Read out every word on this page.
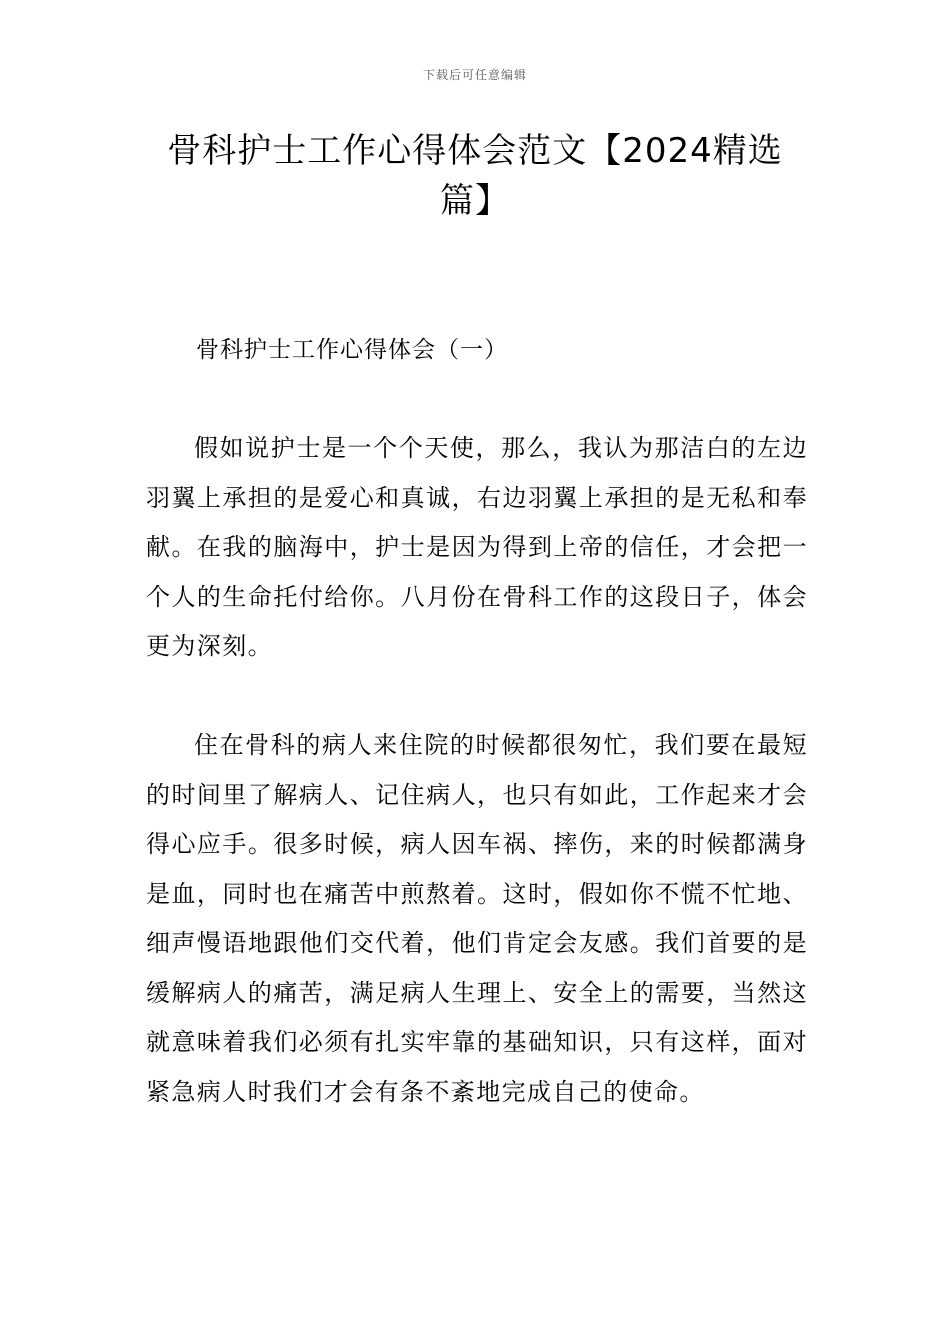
下载后可任意编辑
骨科护士工作心得体会范文【2024精选篇】
骨科护士工作心得体会（一）

假如说护士是一个个天使，那么，我认为那洁白的左边羽翼上承担的是爱心和真诚，右边羽翼上承担的是无私和奉献。在我的脑海中，护士是因为得到上帝的信任，才会把一个人的生命托付给你。八月份在骨科工作的这段日子，体会更为深刻。

住在骨科的病人来住院的时候都很匆忙，我们要在最短的时间里了解病人、记住病人，也只有如此，工作起来才会得心应手。很多时候，病人因车祸、摔伤，来的时候都满身是血，同时也在痛苦中煎熬着。这时，假如你不慌不忙地、细声慢语地跟他们交代着，他们肯定会友感。我们首要的是缓解病人的痛苦，满足病人生理上、安全上的需要，当然这就意味着我们必须有扎实牢靠的基础知识，只有这样，面对紧急病人时我们才会有条不紊地完成自己的使命。
